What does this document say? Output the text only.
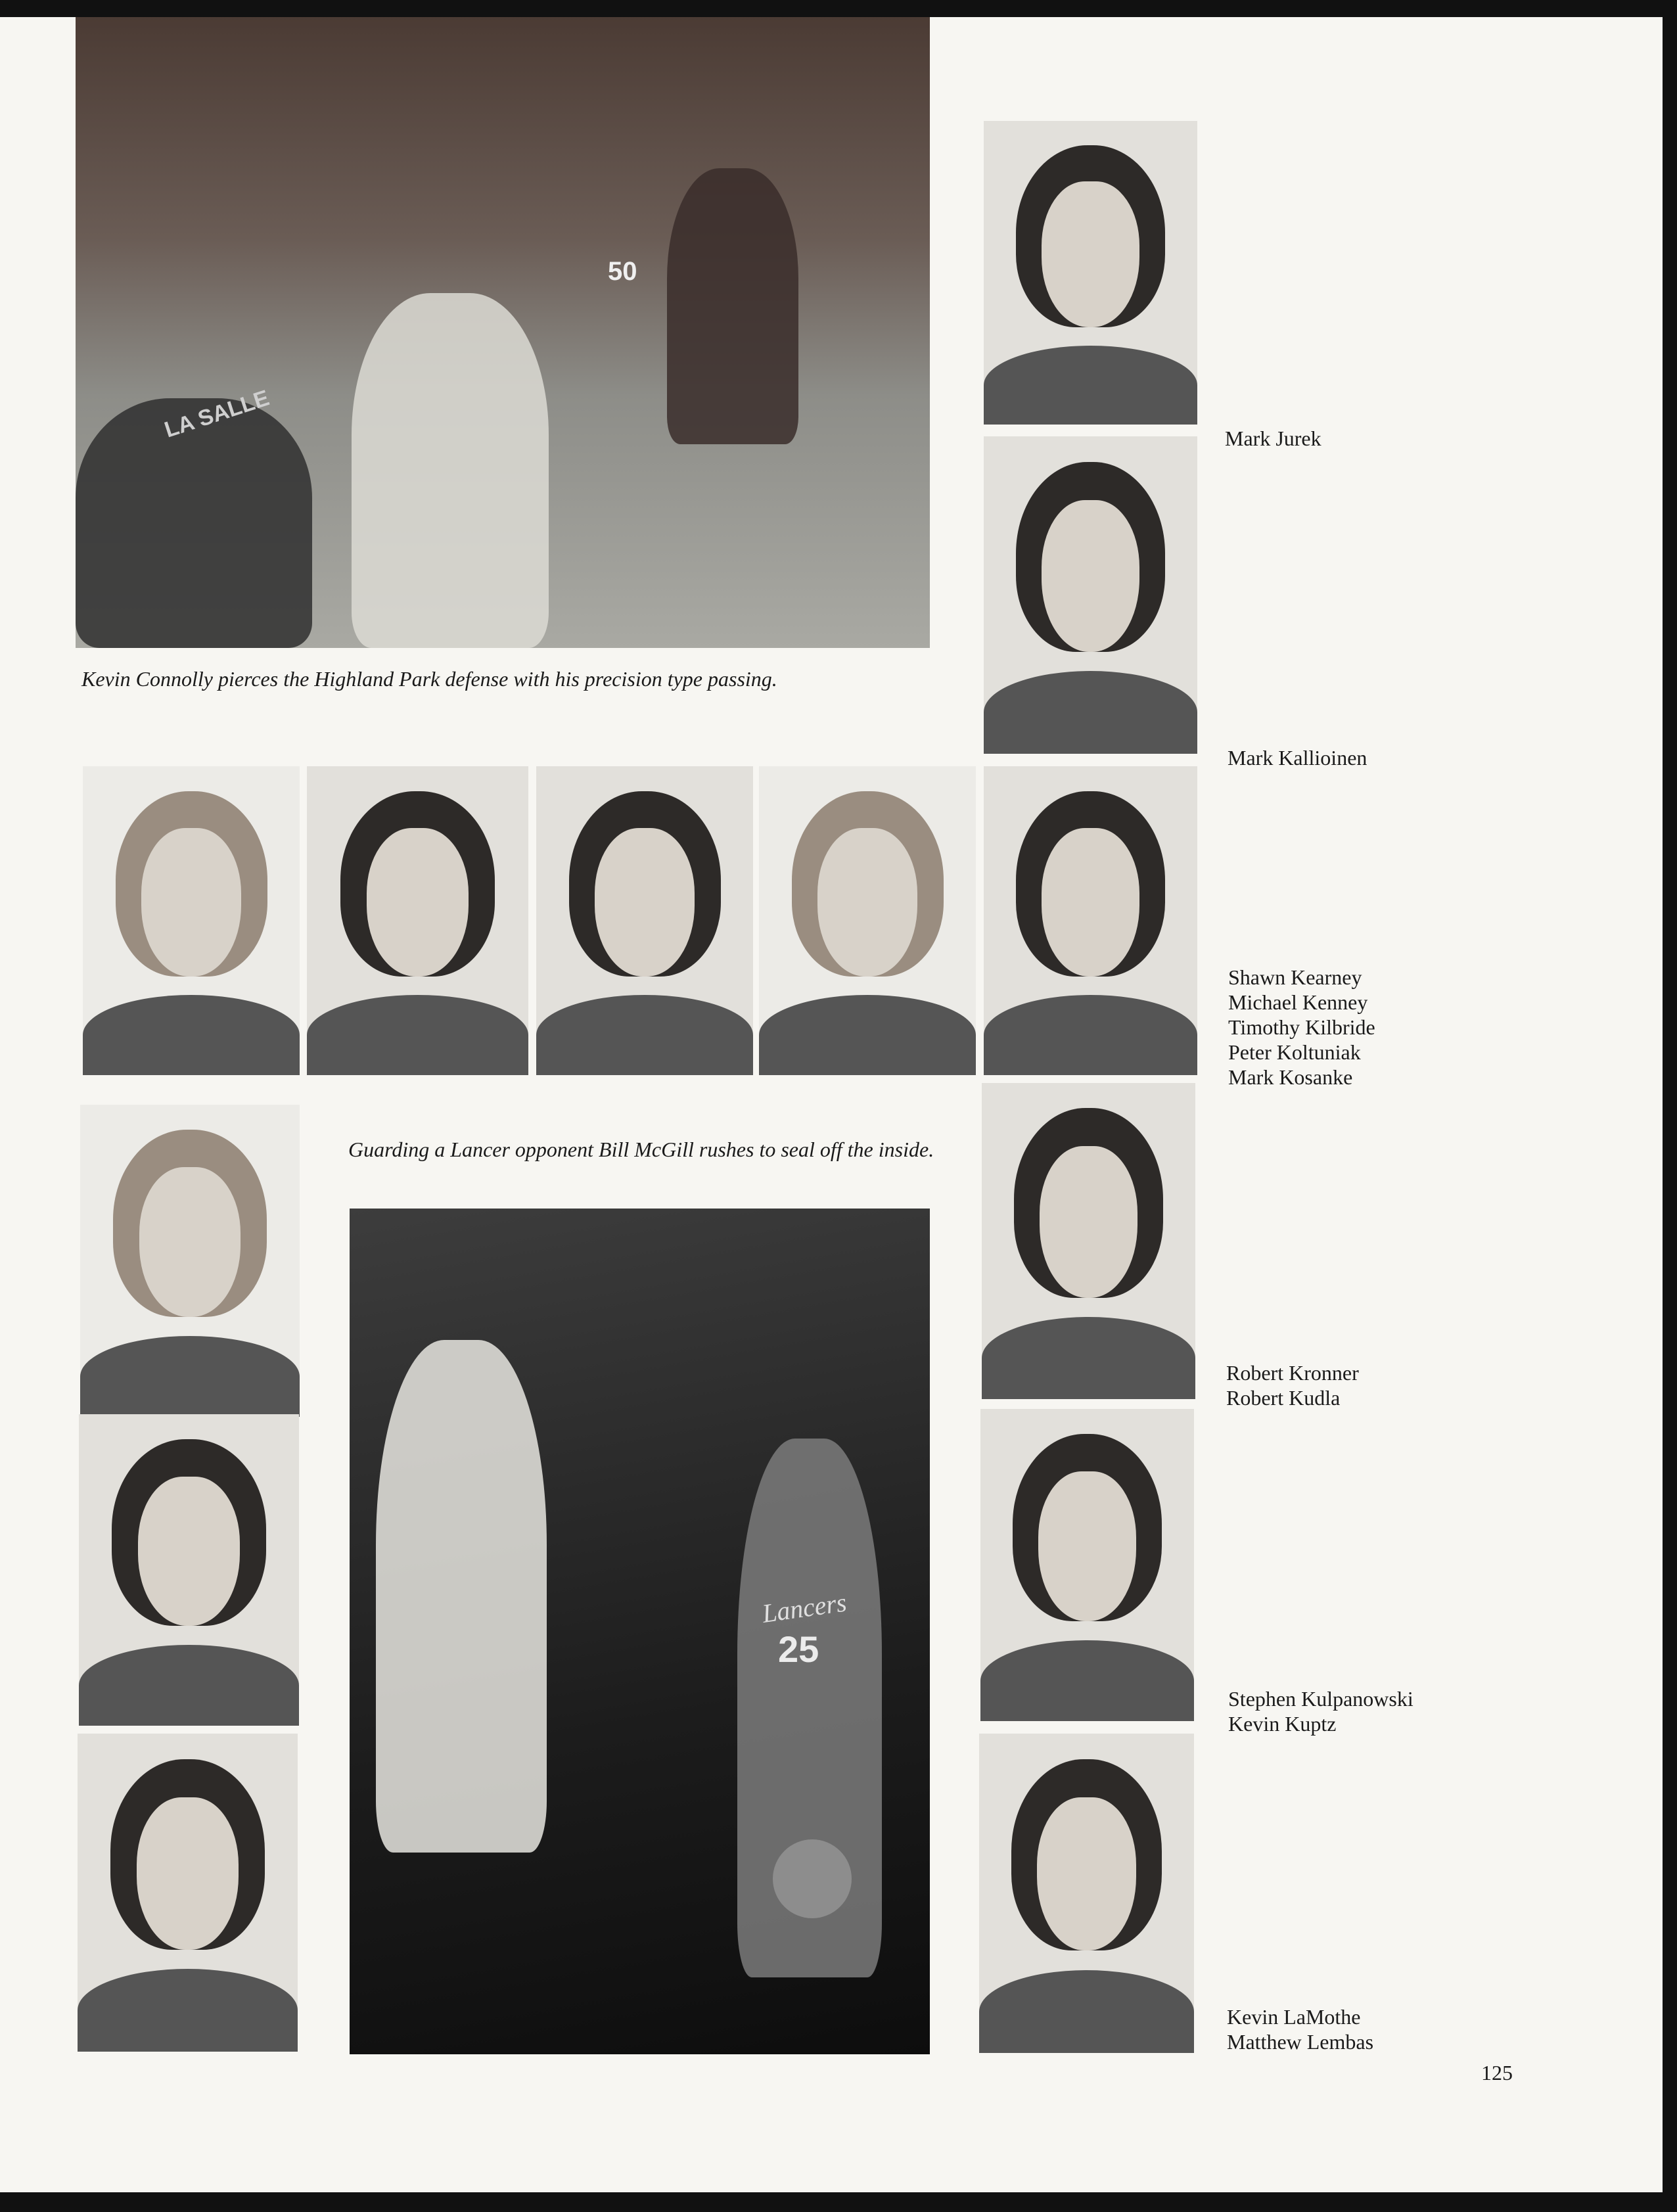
LA SALLE
50
Kevin Connolly pierces the Highland Park defense with his precision type passing.
Guarding a Lancer opponent Bill McGill rushes to seal off the inside.
Lancers
25
Mark Jurek
Mark Kallioinen
Shawn Kearney
Michael Kenney
Timothy Kilbride
Peter Koltuniak
Mark Kosanke
Robert Kronner
Robert Kudla
Stephen Kulpanowski
Kevin Kuptz
Kevin LaMothe
Matthew Lembas
125
